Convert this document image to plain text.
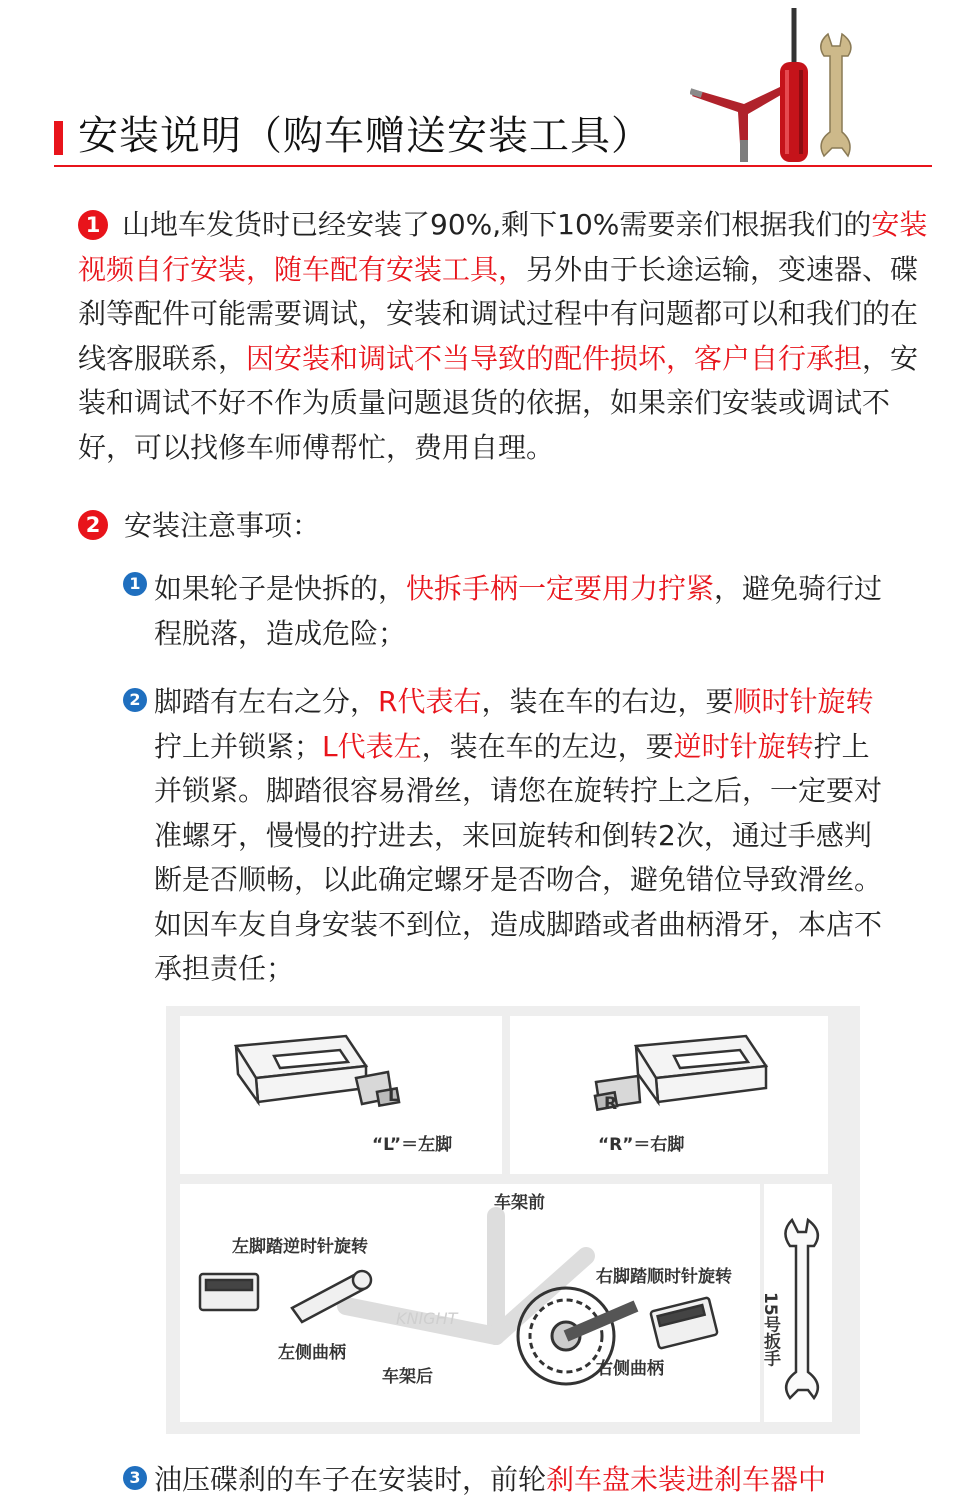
安装说明（购车赠送安装工具）
1 山地车发货时已经安装了90%,剩下10%需要亲们根据我们的安装视频自行安装，随车配有安装工具，另外由于长途运输，变速器、碟刹等配件可能需要调试，安装和调试过程中有问题都可以和我们的在线客服联系，因安装和调试不当导致的配件损坏，客户自行承担，安装和调试不好不作为质量问题退货的依据，如果亲们安装或调试不好，可以找修车师傅帮忙，费用自理。
2 安装注意事项：
1 如果轮子是快拆的，快拆手柄一定要用力拧紧，避免骑行过程脱落，造成危险；
2 脚踏有左右之分，R代表右，装在车的右边，要顺时针旋转拧上并锁紧；L代表左，装在车的左边，要逆时针旋转拧上并锁紧。脚踏很容易滑丝，请您在旋转拧上之后，一定要对准螺牙，慢慢的拧进去，来回旋转和倒转2次，通过手感判断是否顺畅，以此确定螺牙是否吻合，避免错位导致滑丝。如因车友自身安装不到位，造成脚踏或者曲柄滑牙，本店不承担责任；
L
“L”＝左脚
R
“R”＝右脚
KNIGHT
车架前
左脚踏逆时针旋转
左侧曲柄
车架后
右脚踏顺时针旋转
右侧曲柄
15号扳手
3 油压碟刹的车子在安装时，前轮刹车盘未装进刹车器中
